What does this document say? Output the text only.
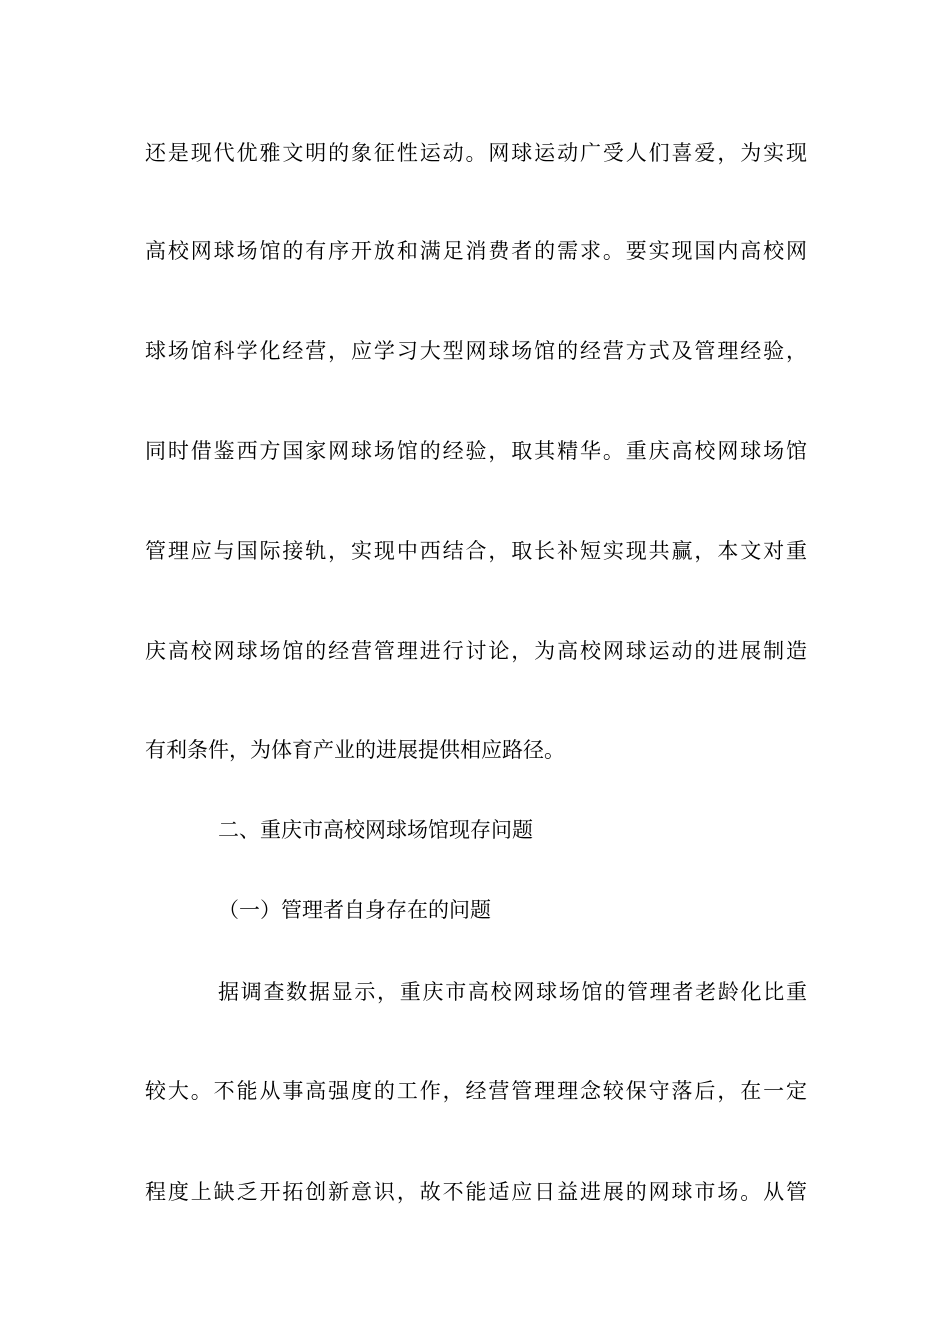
还是现代优雅文明的象征性运动。网球运动广受人们喜爱，为实现

高校网球场馆的有序开放和满足消费者的需求。要实现国内高校网

球场馆科学化经营，应学习大型网球场馆的经营方式及管理经验，

同时借鉴西方国家网球场馆的经验，取其精华。重庆高校网球场馆

管理应与国际接轨，实现中西结合，取长补短实现共赢，本文对重

庆高校网球场馆的经营管理进行讨论，为高校网球运动的进展制造

有利条件，为体育产业的进展提供相应路径。

二、重庆市高校网球场馆现存问题
（一）管理者自身存在的问题

据调查数据显示，重庆市高校网球场馆的管理者老龄化比重

较大。不能从事高强度的工作，经营管理理念较保守落后，在一定

程度上缺乏开拓创新意识，故不能适应日益进展的网球市场。从管
